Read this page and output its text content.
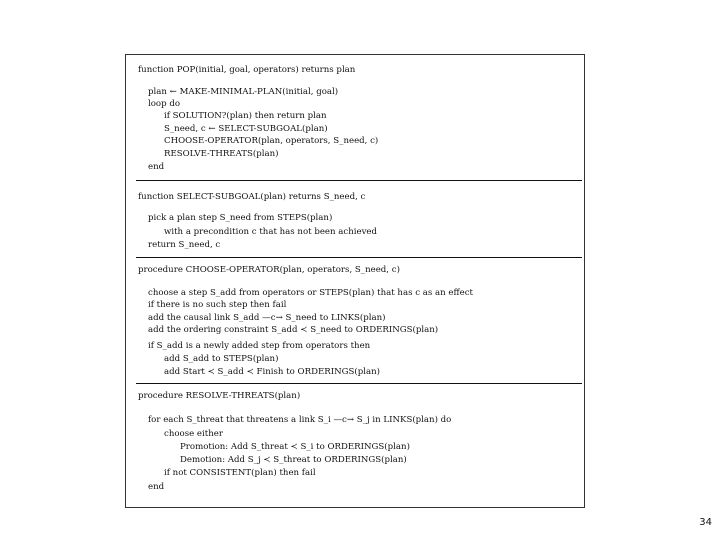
function POP(initial, goal, operators) returns plan
plan ← MAKE-MINIMAL-PLAN(initial, goal)
loop do
if SOLUTION?(plan) then return plan
S_need, c ← SELECT-SUBGOAL(plan)
CHOOSE-OPERATOR(plan, operators, S_need, c)
RESOLVE-THREATS(plan)
end
function SELECT-SUBGOAL(plan) returns S_need, c
pick a plan step S_need from STEPS(plan)
with a precondition c that has not been achieved
return S_need, c
procedure CHOOSE-OPERATOR(plan, operators, S_need, c)
choose a step S_add from operators or STEPS(plan) that has c as an effect
if there is no such step then fail
add the causal link S_add —c→ S_need to LINKS(plan)
add the ordering constraint S_add ≺ S_need to ORDERINGS(plan)
if S_add is a newly added step from operators then
add S_add to STEPS(plan)
add Start ≺ S_add ≺ Finish to ORDERINGS(plan)
procedure RESOLVE-THREATS(plan)
for each S_threat that threatens a link S_i —c→ S_j in LINKS(plan) do
choose either
Promotion: Add S_threat ≺ S_i to ORDERINGS(plan)
Demotion: Add S_j ≺ S_threat to ORDERINGS(plan)
if not CONSISTENT(plan) then fail
end
34
